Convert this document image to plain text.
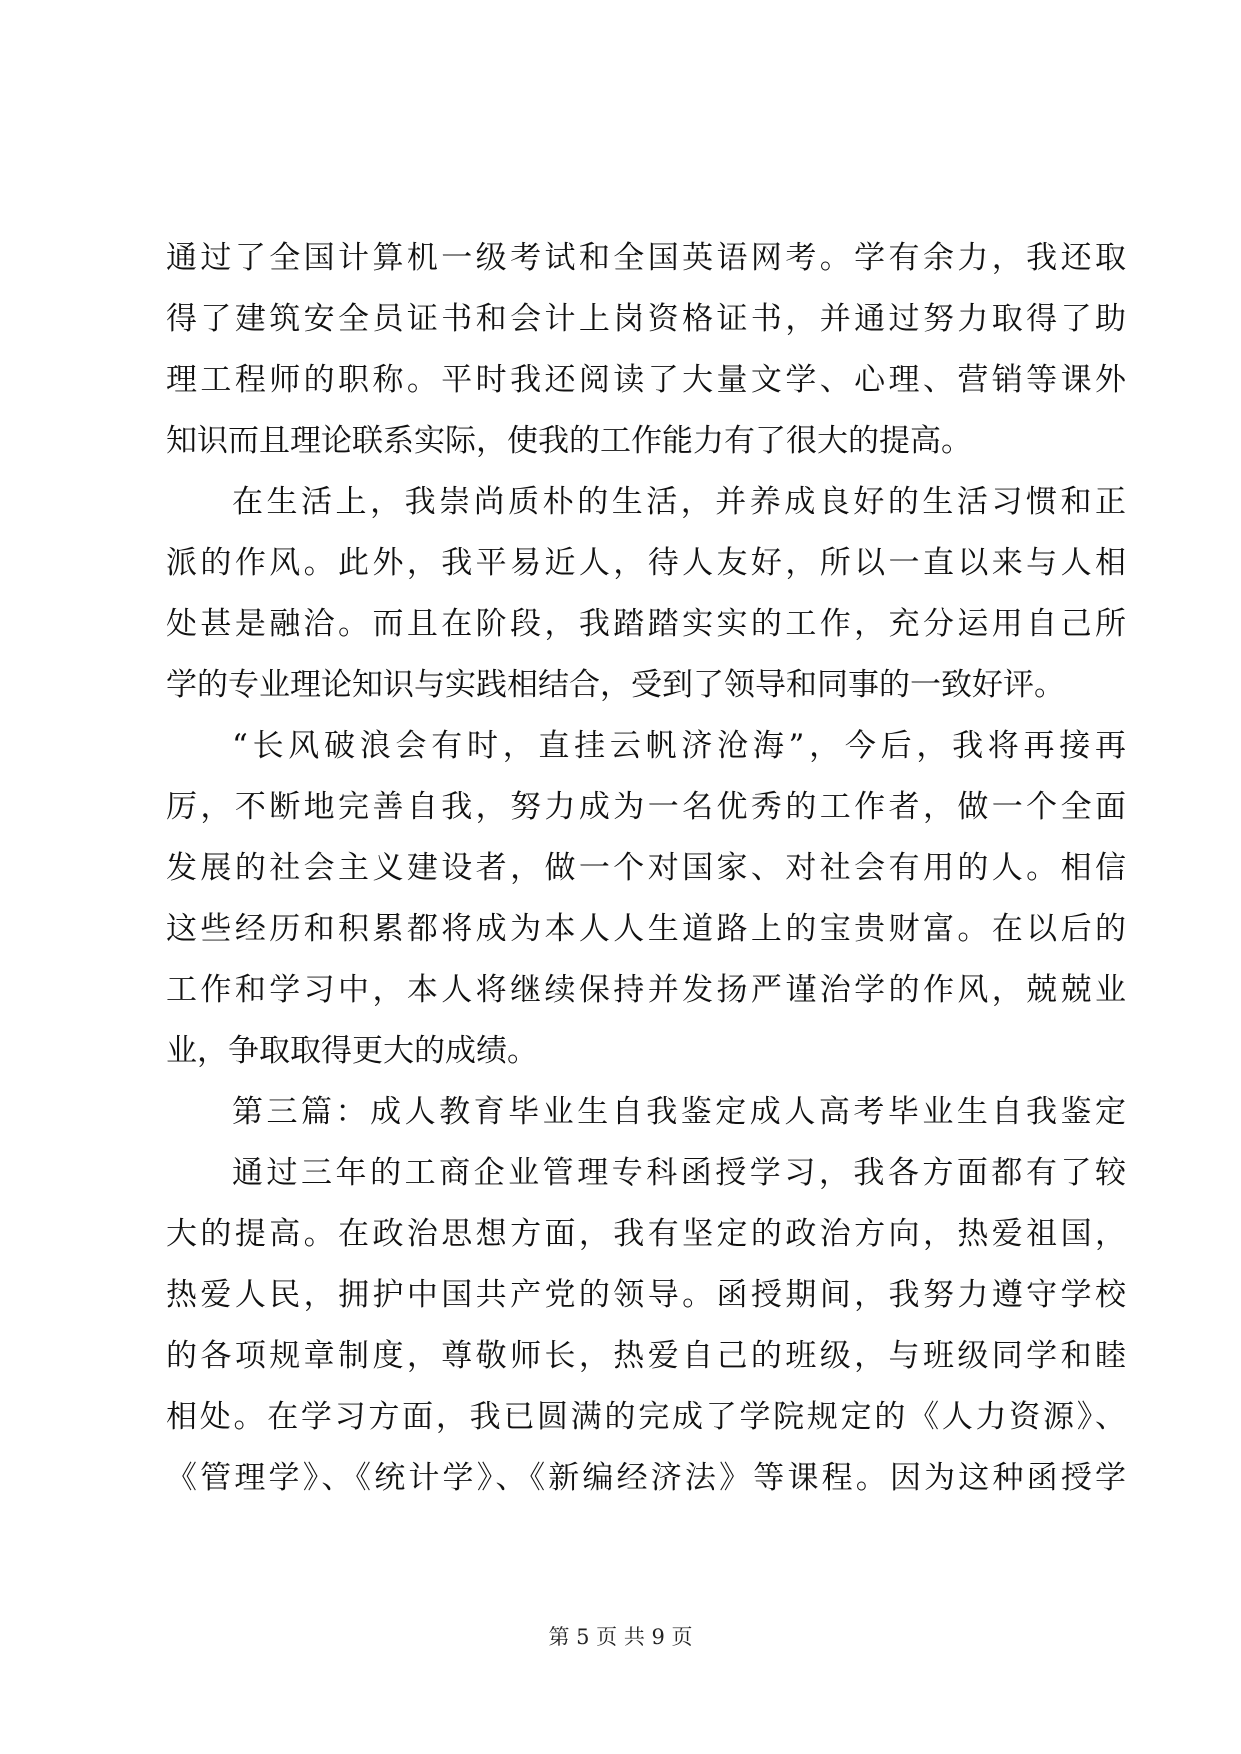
通过了全国计算机一级考试和全国英语网考。学有余力，我还取
得了建筑安全员证书和会计上岗资格证书，并通过努力取得了助
理工程师的职称。平时我还阅读了大量文学、心理、营销等课外
知识而且理论联系实际，使我的工作能力有了很大的提高。
在生活上，我崇尚质朴的生活，并养成良好的生活习惯和正
派的作风。此外，我平易近人，待人友好，所以一直以来与人相
处甚是融洽。而且在阶段，我踏踏实实的工作，充分运用自己所
学的专业理论知识与实践相结合，受到了领导和同事的一致好评。
“长风破浪会有时，直挂云帆济沧海”，今后，我将再接再
厉，不断地完善自我，努力成为一名优秀的工作者，做一个全面
发展的社会主义建设者，做一个对国家、对社会有用的人。相信
这些经历和积累都将成为本人人生道路上的宝贵财富。在以后的
工作和学习中，本人将继续保持并发扬严谨治学的作风，兢兢业
业，争取取得更大的成绩。
第三篇：成人教育毕业生自我鉴定成人高考毕业生自我鉴定
通过三年的工商企业管理专科函授学习，我各方面都有了较
大的提高。在政治思想方面，我有坚定的政治方向，热爱祖国，
热爱人民，拥护中国共产党的领导。函授期间，我努力遵守学校
的各项规章制度，尊敬师长，热爱自己的班级，与班级同学和睦
相处。在学习方面，我已圆满的完成了学院规定的《人力资源》、
《管理学》、《统计学》、《新编经济法》等课程。因为这种函授学
第 5 页 共 9 页
